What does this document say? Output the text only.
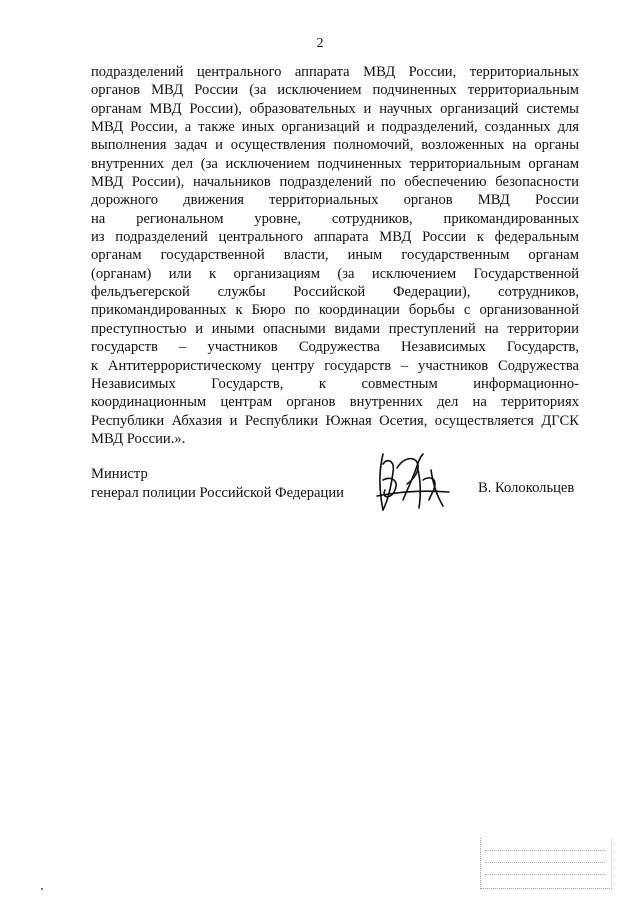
2
подразделений центрального аппарата МВД России, территориальных
органов МВД России (за исключением подчиненных территориальным
органам МВД России), образовательных и научных организаций системы
МВД России, а также иных организаций и подразделений, созданных для
выполнения задач и осуществления полномочий, возложенных на органы
внутренних дел (за исключением подчиненных территориальным органам
МВД России), начальников подразделений по обеспечению безопасности
дорожного движения территориальных органов МВД России
на региональном уровне, сотрудников, прикомандированных
из подразделений центрального аппарата МВД России к федеральным
органам государственной власти, иным государственным органам
(органам) или к организациям (за исключением Государственной
фельдъегерской службы Российской Федерации), сотрудников,
прикомандированных к Бюро по координации борьбы с организованной
преступностью и иными опасными видами преступлений на территории
государств – участников Содружества Независимых Государств,
к Антитеррористическому центру государств – участников Содружества
Независимых Государств, к совместным информационно-
координационным центрам органов внутренних дел на территориях
Республики Абхазия и Республики Южная Осетия, осуществляется ДГСК
МВД России.».
Министр
генерал полиции Российской Федерации	В. Колокольцев
